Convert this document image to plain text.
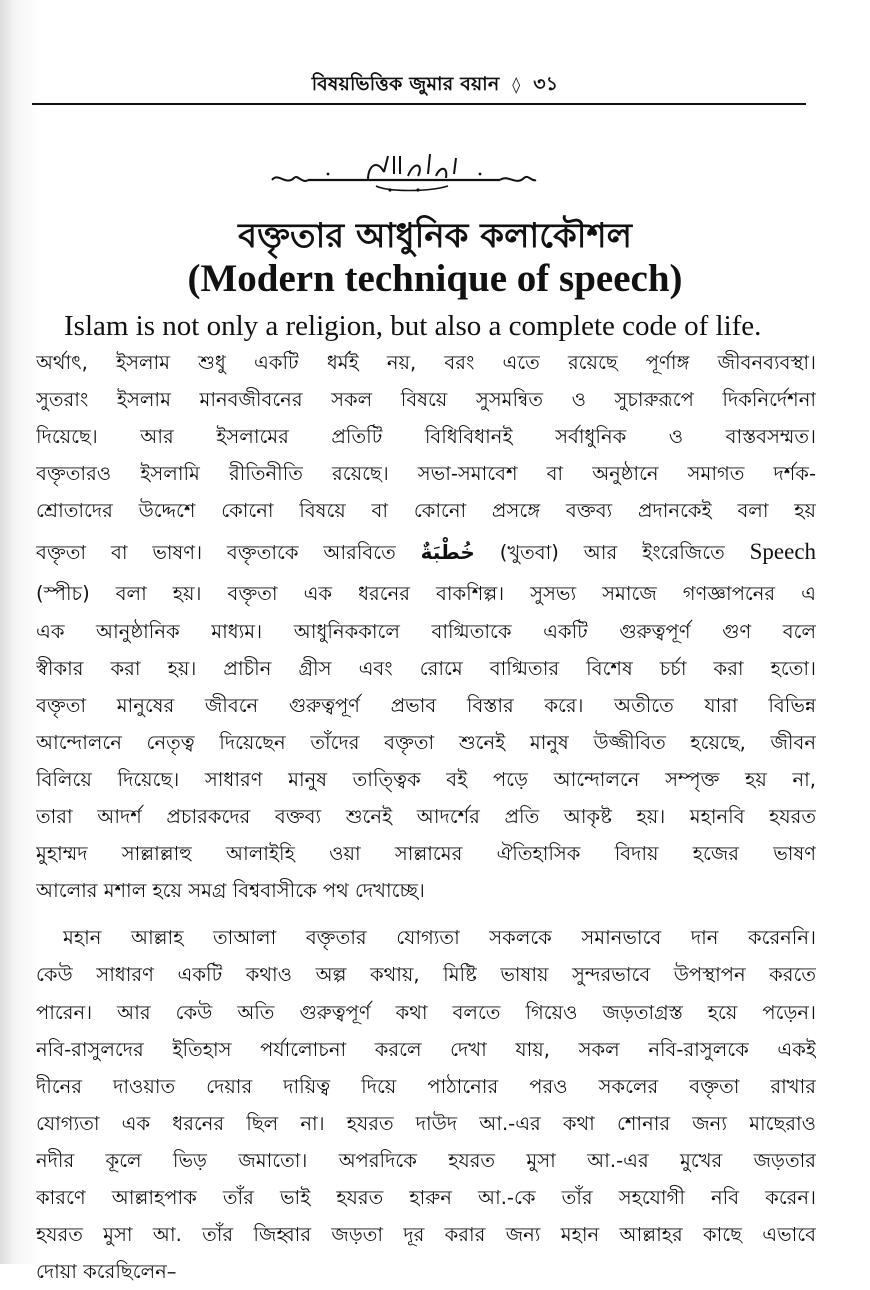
বিষয়ভিত্তিক জুমার বয়ান ◊ ৩১
বক্তৃতার আধুনিক কলাকৌশল
(Modern technique of speech)
Islam is not only a religion, but also a complete code of life.
অর্থাৎ, ইসলাম শুধু একটি ধর্মই নয়, বরং এতে রয়েছে পূর্ণাঙ্গ জীবনব্যবস্থা।
সুতরাং ইসলাম মানবজীবনের সকল বিষয়ে সুসমন্বিত ও সুচারুরূপে দিকনির্দেশনা
দিয়েছে। আর ইসলামের প্রতিটি বিধিবিধানই সর্বাধুনিক ও বাস্তবসম্মত।
বক্তৃতারও ইসলামি রীতিনীতি রয়েছে। সভা-সমাবেশ বা অনুষ্ঠানে সমাগত দর্শক-
শ্রোতাদের উদ্দেশে কোনো বিষয়ে বা কোনো প্রসঙ্গে বক্তব্য প্রদানকেই বলা হয়
বক্তৃতা বা ভাষণ। বক্তৃতাকে আরবিতে خُطْبَةٌ (খুতবা) আর ইংরেজিতে Speech
(স্পীচ) বলা হয়। বক্তৃতা এক ধরনের বাকশিল্প। সুসভ্য সমাজে গণজ্ঞাপনের এ
এক আনুষ্ঠানিক মাধ্যম। আধুনিককালে বাগ্মিতাকে একটি গুরুত্বপূর্ণ গুণ বলে
স্বীকার করা হয়। প্রাচীন গ্রীস এবং রোমে বাগ্মিতার বিশেষ চর্চা করা হতো।
বক্তৃতা মানুষের জীবনে গুরুত্বপূর্ণ প্রভাব বিস্তার করে। অতীতে যারা বিভিন্ন
আন্দোলনে নেতৃত্ব দিয়েছেন তাঁদের বক্তৃতা শুনেই মানুষ উজ্জীবিত হয়েছে, জীবন
বিলিয়ে দিয়েছে। সাধারণ মানুষ তাত্ত্বিক বই পড়ে আন্দোলনে সম্পৃক্ত হয় না,
তারা আদর্শ প্রচারকদের বক্তব্য শুনেই আদর্শের প্রতি আকৃষ্ট হয়। মহানবি হযরত
মুহাম্মদ সাল্লাল্লাহু আলাইহি ওয়া সাল্লামের ঐতিহাসিক বিদায় হজের ভাষণ
আলোর মশাল হয়ে সমগ্র বিশ্ববাসীকে পথ দেখাচ্ছে।
মহান আল্লাহ তাআলা বক্তৃতার যোগ্যতা সকলকে সমানভাবে দান করেননি।
কেউ সাধারণ একটি কথাও অল্প কথায়, মিষ্টি ভাষায় সুন্দরভাবে উপস্থাপন করতে
পারেন। আর কেউ অতি গুরুত্বপূর্ণ কথা বলতে গিয়েও জড়তাগ্রস্ত হয়ে পড়েন।
নবি-রাসুলদের ইতিহাস পর্যালোচনা করলে দেখা যায়, সকল নবি-রাসুলকে একই
দীনের দাওয়াত দেয়ার দায়িত্ব দিয়ে পাঠানোর পরও সকলের বক্তৃতা রাখার
যোগ্যতা এক ধরনের ছিল না। হযরত দাউদ আ.-এর কথা শোনার জন্য মাছেরাও
নদীর কূলে ভিড় জমাতো। অপরদিকে হযরত মুসা আ.-এর মুখের জড়তার
কারণে আল্লাহপাক তাঁর ভাই হযরত হারুন আ.-কে তাঁর সহযোগী নবি করেন।
হযরত মুসা আ. তাঁর জিহ্বার জড়তা দূর করার জন্য মহান আল্লাহর কাছে এভাবে
দোয়া করেছিলেন–
